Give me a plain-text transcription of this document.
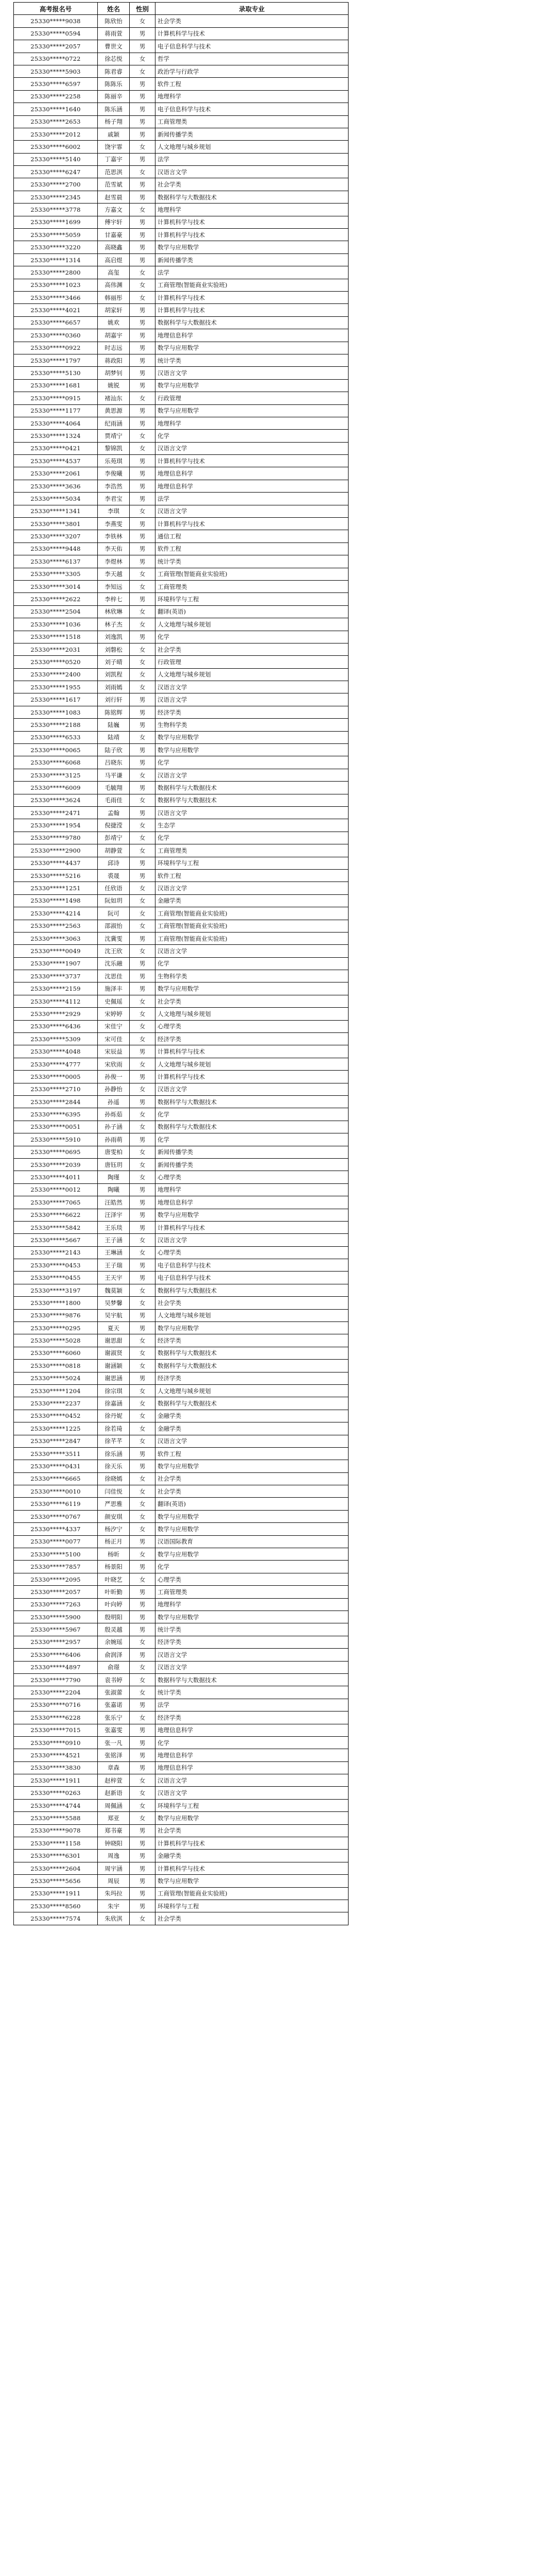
高考报名号	姓名	性别	录取专业
25330*****9038	陈欣怡	女	社会学类
25330*****0594	蒋雨萱	男	计算机科学与技术
25330*****2057	曹世文	男	电子信息科学与技术
25330*****0722	徐芯悦	女	哲学
25330*****5903	陈君睿	女	政治学与行政学
25330*****6597	陈陈乐	男	软件工程
25330*****2258	陈丽辛	男	地理科学
25330*****1640	陈乐涵	男	电子信息科学与技术
25330*****2653	杨子翔	男	工商管理类
25330*****2012	戚颖	男	新闻传播学类
25330*****6002	饶宇霏	女	人文地理与城乡规划
25330*****5140	丁嘉宇	男	法学
25330*****6247	范思淇	女	汉语言文学
25330*****2700	范雪斌	男	社会学类
25330*****2345	赵雪晨	男	数据科学与大数据技术
25330*****3778	方嘉文	女	地理科学
25330*****1699	傅宇轩	男	计算机科学与技术
25330*****5059	甘嘉豪	男	计算机科学与技术
25330*****3220	高晓鑫	男	数学与应用数学
25330*****1314	高启煜	男	新闻传播学类
25330*****2800	高玺	女	法学
25330*****1023	高伟渊	女	工商管理(智能商业实验班)
25330*****3466	韩丽彤	女	计算机科学与技术
25330*****4021	胡家轩	男	计算机科学与技术
25330*****6657	姚欢	男	数据科学与大数据技术
25330*****0360	胡嘉宇	男	地理信息科学
25330*****0922	时志远	男	数学与应用数学
25330*****1797	蒋政阳	男	统计学类
25330*****5130	胡梦钊	男	汉语言文学
25330*****1681	姚锐	男	数学与应用数学
25330*****0915	褚汕东	女	行政管理
25330*****1177	黄思源	男	数学与应用数学
25330*****4064	纪雨涵	男	地理科学
25330*****1324	贾靖宁	女	化学
25330*****0421	黎锦凯	女	汉语言文学
25330*****4537	乐苑琪	男	计算机科学与技术
25330*****2061	李俊曦	男	地理信息科学
25330*****3636	李浩然	男	地理信息科学
25330*****5034	李君宝	男	法学
25330*****1341	李琪	女	汉语言文学
25330*****3801	李燕雯	男	计算机科学与技术
25330*****3207	李铁林	男	通信工程
25330*****9448	李天佑	男	软件工程
25330*****6137	李煜林	男	统计学类
25330*****3305	李天越	女	工商管理(智能商业实验班)
25330*****3014	李知远	女	工商管理类
25330*****2622	李梓七	男	环境科学与工程
25330*****2504	林欣琳	女	翻译(英语)
25330*****1036	林子杰	女	人文地理与城乡规划
25330*****1518	刘逸凯	男	化学
25330*****2031	刘磐松	女	社会学类
25330*****0520	刘子晴	女	行政管理
25330*****2400	刘凯程	女	人文地理与城乡规划
25330*****1955	刘雨嫣	女	汉语言文学
25330*****1617	刘行轩	男	汉语言文学
25330*****1083	陈铭辉	男	经济学类
25330*****2188	陆巍	男	生物科学类
25330*****6533	陆靖	女	数学与应用数学
25330*****0065	陆子欣	男	数学与应用数学
25330*****6068	吕晓东	男	化学
25330*****3125	马平谦	女	汉语言文学
25330*****6009	毛毓翔	男	数据科学与大数据技术
25330*****3624	毛雨佳	女	数据科学与大数据技术
25330*****2471	孟翰	男	汉语言文学
25330*****1954	倪捷滢	女	生态学
25330*****9780	彭靖宁	女	化学
25330*****2900	胡静萱	女	工商管理类
25330*****4437	邱诗	男	环境科学与工程
25330*****5216	裘晟	男	软件工程
25330*****1251	任欣语	女	汉语言文学
25330*****1498	阮如玥	女	金融学类
25330*****4214	阮可	女	工商管理(智能商业实验班)
25330*****2563	邵淑怡	女	工商管理(智能商业实验班)
25330*****3063	沈冀雯	男	工商管理(智能商业实验班)
25330*****0049	沈王欣	女	汉语言文学
25330*****1907	沈乐融	男	化学
25330*****3737	沈思佳	男	生物科学类
25330*****2159	施泽丰	男	数学与应用数学
25330*****4112	史佩瑶	女	社会学类
25330*****2929	宋婷婷	女	人文地理与城乡规划
25330*****6436	宋佳宁	女	心理学类
25330*****5309	宋可佳	女	经济学类
25330*****4048	宋辰益	男	计算机科学与技术
25330*****4777	宋欣雨	女	人文地理与城乡规划
25330*****0005	孙俊一	男	计算机科学与技术
25330*****2710	孙静怡	女	汉语言文学
25330*****2844	孙遥	男	数据科学与大数据技术
25330*****6395	孙烁茹	女	化学
25330*****0051	孙子涵	女	数据科学与大数据技术
25330*****5910	孙雨萌	男	化学
25330*****0695	唐雯柏	女	新闻传播学类
25330*****2039	唐钰玥	女	新闻传播学类
25330*****4011	陶瑾	女	心理学类
25330*****0012	陶曦	男	地理科学
25330*****7065	汪皓然	男	地理信息科学
25330*****6622	汪泽宇	男	数学与应用数学
25330*****5842	王乐琰	男	计算机科学与技术
25330*****5667	王子涵	女	汉语言文学
25330*****2143	王琳涵	女	心理学类
25330*****0453	王子瑞	男	电子信息科学与技术
25330*****0455	王天宇	男	电子信息科学与技术
25330*****3197	魏莫颖	女	数据科学与大数据技术
25330*****1800	吴梦馨	女	社会学类
25330*****9876	吴宇航	男	人文地理与城乡规划
25330*****0295	夏天	男	数学与应用数学
25330*****5028	谢思甜	女	经济学类
25330*****6060	谢淑贤	女	数据科学与大数据技术
25330*****0818	谢涵颖	女	数据科学与大数据技术
25330*****5024	谢思涵	男	经济学类
25330*****1204	徐宗琪	女	人文地理与城乡规划
25330*****2237	徐嘉涵	女	数据科学与大数据技术
25330*****0452	徐丹妮	女	金融学类
25330*****1225	徐若琦	女	金融学类
25330*****2847	徐芊芊	女	汉语言文学
25330*****3511	徐乐涵	男	软件工程
25330*****0431	徐天乐	男	数学与应用数学
25330*****6665	徐晓嫣	女	社会学类
25330*****0010	闫佳悦	女	社会学类
25330*****6119	严思雅	女	翻译(英语)
25330*****0767	颜安琪	女	数学与应用数学
25330*****4337	杨汐宁	女	数学与应用数学
25330*****0077	杨正月	男	汉语国际教育
25330*****5100	杨昕	女	数学与应用数学
25330*****7857	杨景阳	男	化学
25330*****2095	叶晓艺	女	心理学类
25330*****2057	叶昕勤	男	工商管理类
25330*****7263	叶向婷	男	地理科学
25330*****5900	殷明阳	男	数学与应用数学
25330*****5967	殷灵越	男	统计学类
25330*****2957	余婉瑶	女	经济学类
25330*****6406	俞润泽	男	汉语言文学
25330*****4897	俞璟	女	汉语言文学
25330*****7790	袁书婷	女	数据科学与大数据技术
25330*****2204	张淑蕾	女	统计学类
25330*****0716	张嘉诺	男	法学
25330*****6228	张乐宁	女	经济学类
25330*****7015	张嘉雯	男	地理信息科学
25330*****0910	张一凡	男	化学
25330*****4521	张铭泽	男	地理信息科学
25330*****3830	章森	男	地理信息科学
25330*****1911	赵梓萱	女	汉语言文学
25330*****0263	赵新语	女	汉语言文学
25330*****4744	周佩涵	女	环境科学与工程
25330*****5588	郑亚	女	数学与应用数学
25330*****9078	郑书豪	男	社会学类
25330*****1158	钟晓阳	男	计算机科学与技术
25330*****6301	周逸	男	金融学类
25330*****2604	周宇涵	男	计算机科学与技术
25330*****5656	周辰	男	数学与应用数学
25330*****1911	朱玛拉	男	工商管理(智能商业实验班)
25330*****8560	朱宇	男	环境科学与工程
25330*****7574	朱欣淇	女	社会学类
